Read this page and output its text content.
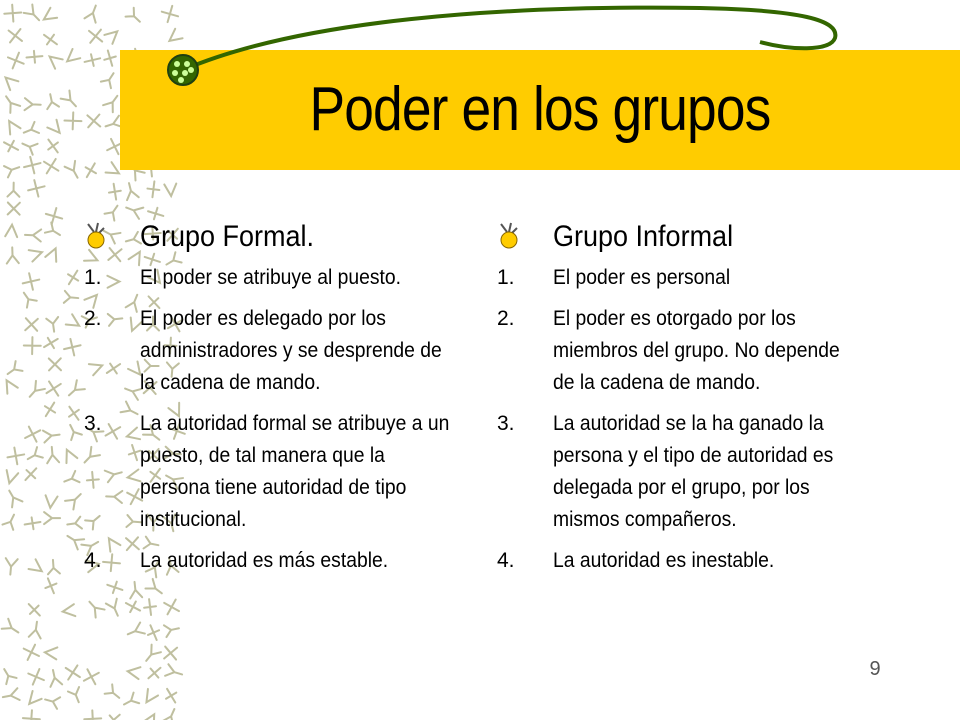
Poder en los grupos
Grupo Formal.
1. El poder se atribuye al puesto.
2. El poder es delegado por los administradores y se desprende de la cadena de mando.
3. La autoridad formal se atribuye a un puesto, de tal manera que la persona tiene autoridad de tipo institucional.
4. La autoridad es más estable.
Grupo Informal
1. El poder es personal
2. El poder es otorgado por los miembros del grupo. No depende de la cadena de mando.
3. La autoridad se la ha ganado la persona y el tipo de autoridad es delegada por el grupo, por los mismos compañeros.
4. La autoridad es inestable.
9
